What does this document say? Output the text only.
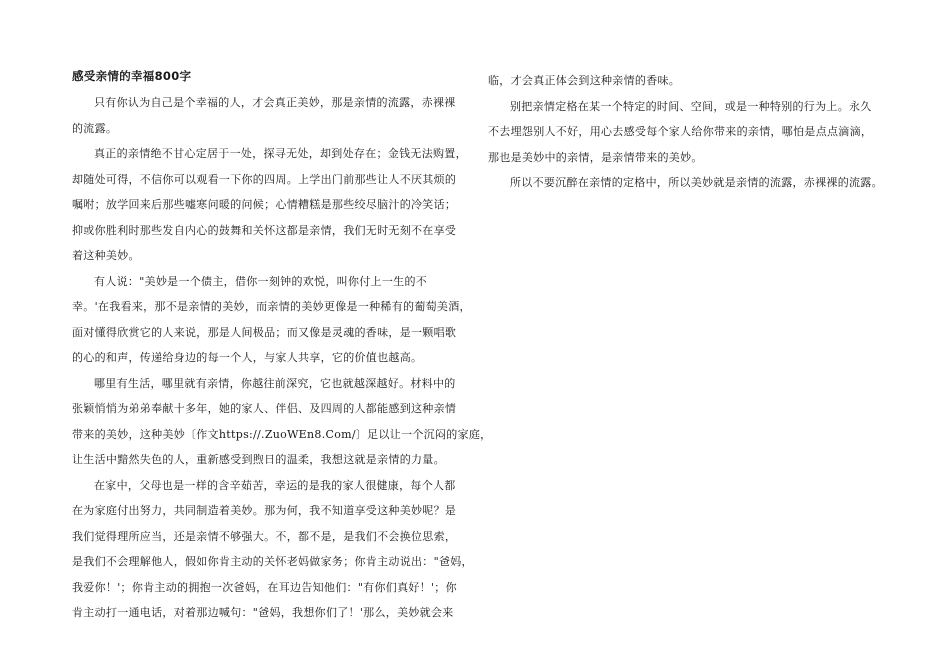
感受亲情的幸福800字
只有你认为自己是个幸福的人，才会真正美妙，那是亲情的流露，赤裸裸
的流露。
真正的亲情绝不甘心定居于一处，探寻无处，却到处存在；金钱无法购置，
却随处可得，不信你可以观看一下你的四周。上学出门前那些让人不厌其烦的
嘱咐；放学回来后那些嘘寒问暖的问候；心情糟糕是那些绞尽脑汁的冷笑话；
抑或你胜利时那些发自内心的鼓舞和关怀这都是亲情，我们无时无刻不在享受
着这种美妙。
有人说："美妙是一个债主，借你一刻钟的欢悦，叫你付上一生的不
幸。'在我看来，那不是亲情的美妙，而亲情的美妙更像是一种稀有的葡萄美酒，
面对懂得欣赏它的人来说，那是人间极品；而又像是灵魂的香味，是一颗唱歌
的心的和声，传递给身边的每一个人，与家人共享，它的价值也越高。
哪里有生活，哪里就有亲情，你越往前深究，它也就越深越好。材料中的
张颖悄悄为弟弟奉献十多年，她的家人、伴侣、及四周的人都能感到这种亲情
带来的美妙，这种美妙〔作文https://.ZuoWEn8.Com/〕足以让一个沉闷的家庭，
让生活中黯然失色的人，重新感受到煦日的温柔，我想这就是亲情的力量。
在家中，父母也是一样的含辛茹苦，幸运的是我的家人很健康，每个人都
在为家庭付出努力，共同制造着美妙。那为何，我不知道享受这种美妙呢？是
我们觉得理所应当，还是亲情不够强大。不，都不是，是我们不会换位思索，
是我们不会理解他人，假如你肯主动的关怀老妈做家务；你肯主动说出："爸妈，
我爱你！'；你肯主动的拥抱一次爸妈，在耳边告知他们："有你们真好！'；你
肯主动打一通电话，对着那边喊句："爸妈，我想你们了！'那么，美妙就会来
临，才会真正体会到这种亲情的香味。
别把亲情定格在某一个特定的时间、空间，或是一种特别的行为上。永久
不去埋怨别人不好，用心去感受每个家人给你带来的亲情，哪怕是点点滴滴，
那也是美妙中的亲情，是亲情带来的美妙。
所以不要沉醉在亲情的定格中，所以美妙就是亲情的流露，赤裸裸的流露。
